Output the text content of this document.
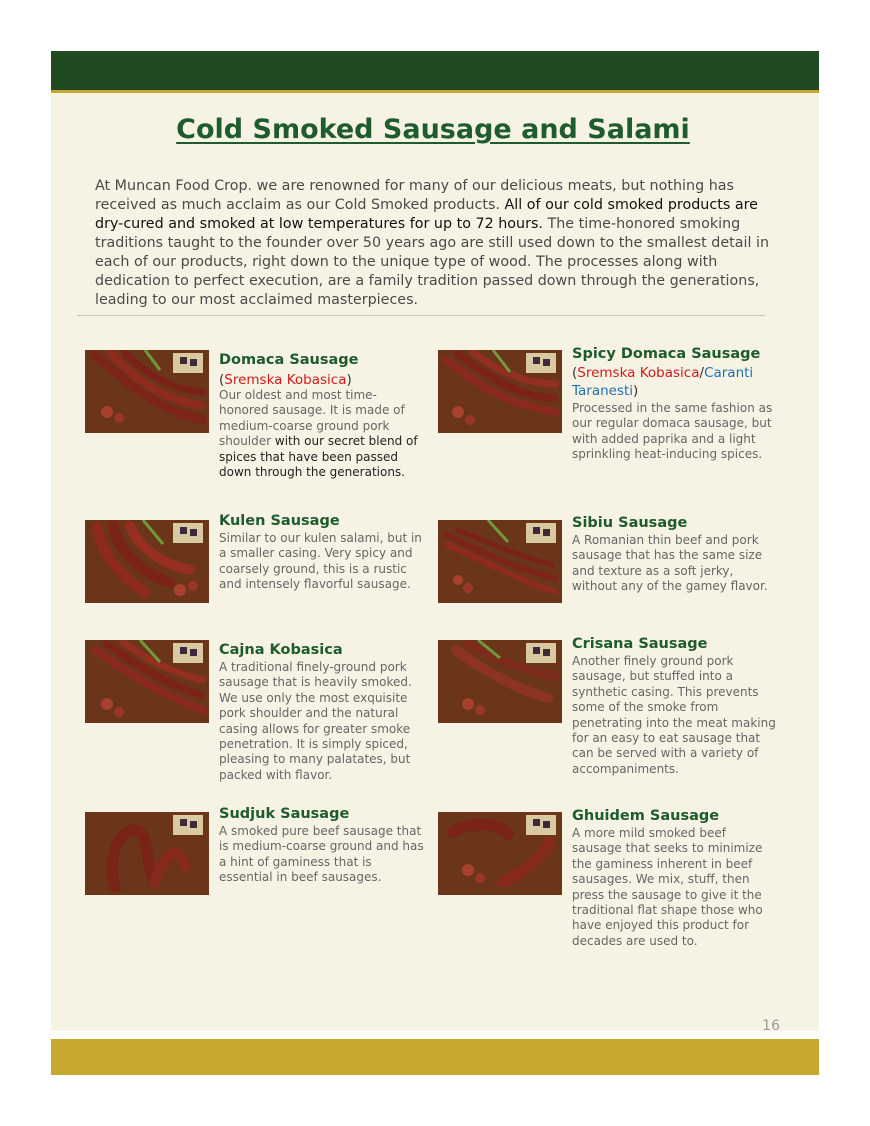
Cold Smoked Sausage and Salami
At Muncan Food Crop. we are renowned for many of our delicious meats, but nothing has received as much acclaim as our Cold Smoked products. All of our cold smoked products are dry-cured and smoked at low temperatures for up to 72 hours. The time-honored smoking traditions taught to the founder over 50 years ago are still used down to the smallest detail in each of our products, right down to the unique type of wood. The processes along with dedication to perfect execution, are a family tradition passed down through the generations, leading to our most acclaimed masterpieces.
Domaca Sausage
(Sremska Kobasica)
Our oldest and most time-honored sausage. It is made of medium-coarse ground pork shoulder with our secret blend of spices that have been passed down through the generations.
Spicy Domaca Sausage
(Sremska Kobasica/Caranti Taranesti)
Processed in the same fashion as our regular domaca sausage, but with added paprika and a light sprinkling heat-inducing spices.
Kulen Sausage
Similar to our kulen salami, but in a smaller casing. Very spicy and coarsely ground, this is a rustic and intensely flavorful sausage.
Sibiu Sausage
A Romanian thin beef and pork sausage that has the same size and texture as a soft jerky, without any of the gamey flavor.
Cajna Kobasica
A traditional finely-ground pork sausage that is heavily smoked. We use only the most exquisite pork shoulder and the natural casing allows for greater smoke penetration. It is simply spiced, pleasing to many palatates, but packed with flavor.
Crisana Sausage
Another finely ground pork sausage, but stuffed into a synthetic casing. This prevents some of the smoke from penetrating into the meat making for an easy to eat sausage that can be served with a variety of accompaniments.
Sudjuk Sausage
A smoked pure beef sausage that is medium-coarse ground and has a hint of gaminess that is essential in beef sausages.
Ghuidem Sausage
A more mild smoked beef sausage that seeks to minimize the gaminess inherent in beef sausages. We mix, stuff, then press the sausage to give it the traditional flat shape those who have enjoyed this product for decades are used to.
16
